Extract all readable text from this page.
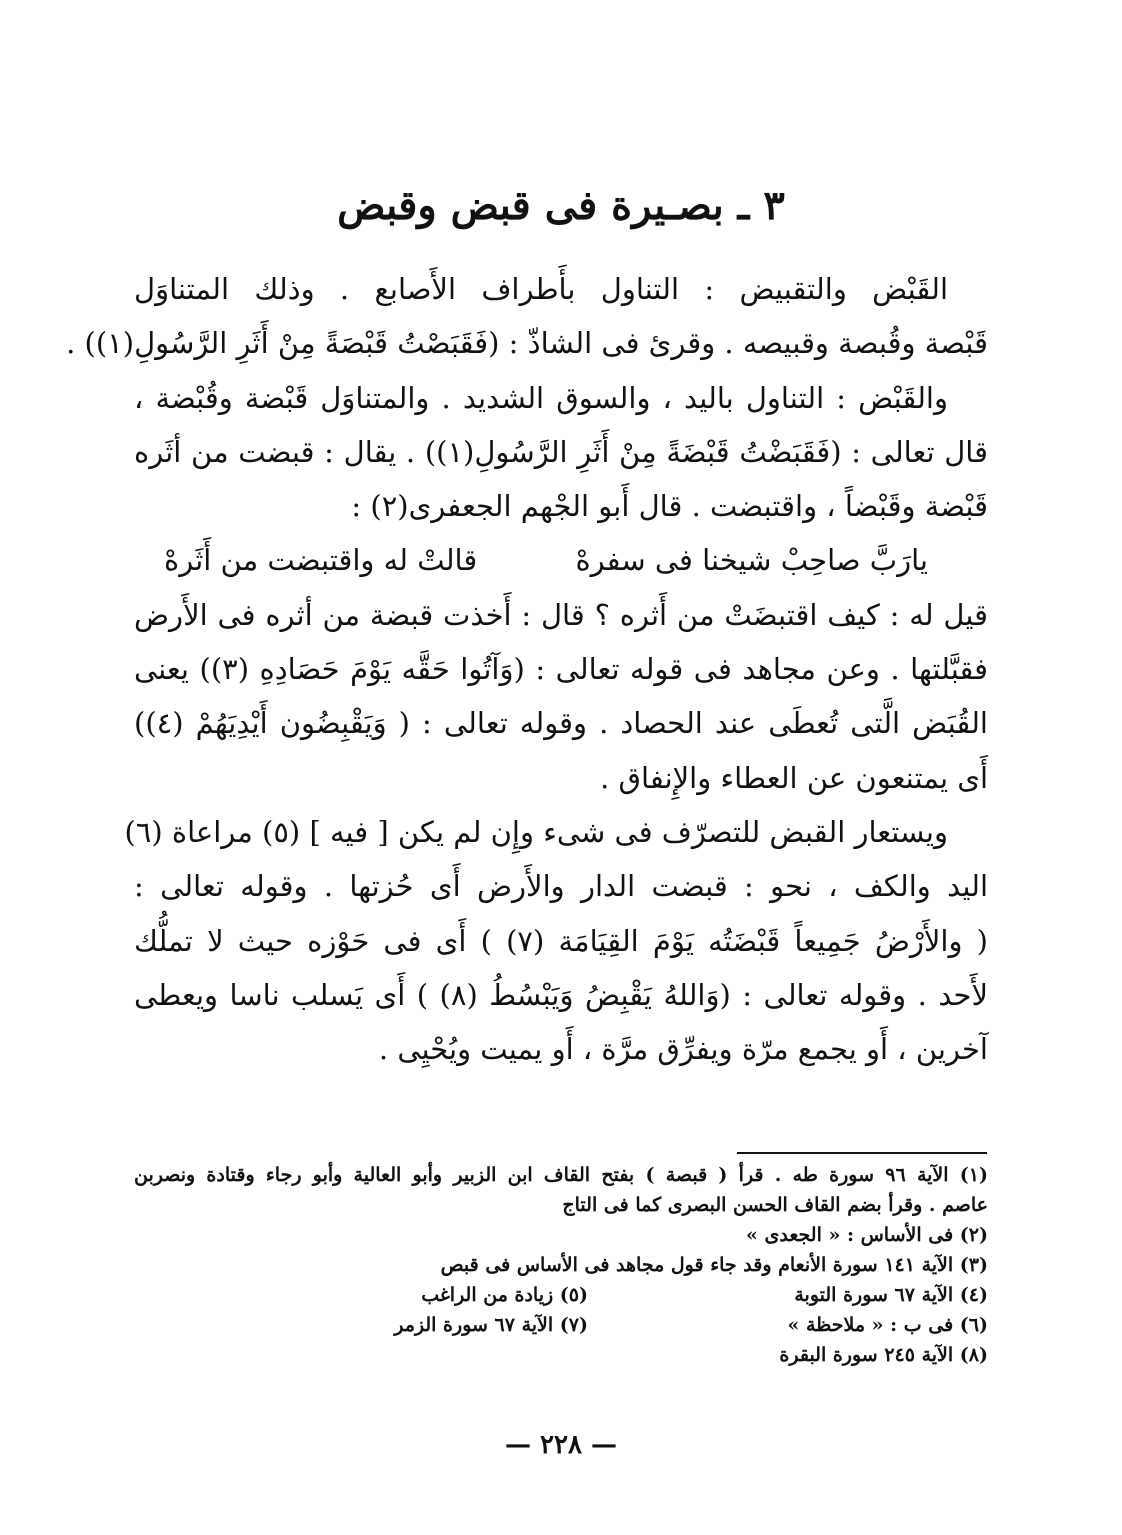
٣ ـ بصـيرة فى قبض وقبض
القَبْض والتقبيض : التناول بأَطراف الأَصابع . وذلك المتناوَل
قَبْصة وقُبصة وقبيصه . وقرئ فى الشاذّ : (فَقَبَصْتُ قَبْصَةً مِنْ أَثَرِ الرَّسُولِ(١)) .
والقَبْض : التناول باليد ، والسوق الشديد . والمتناوَل قَبْضة وقُبْضة ،
قال تعالى : (فَقَبَضْتُ قَبْضَةً مِنْ أَثَرِ الرَّسُولِ(١)) . يقال : قبضت من أثَره
قَبْضة وقَبْضاً ، واقتبضت . قال أَبو الجْهم الجعفرى(٢) :
يارَبَّ صاحِبْ شيخنا فى سفرهْ
قالتْ له واقتبضت من أَثَرهْ
قيل له : كيف اقتبضَتْ من أَثره ؟ قال : أَخذت قبضة من أثره فى الأَرض
فقبَّلتها . وعن مجاهد فى قوله تعالى : (وَآتُوا حَقَّه يَوْمَ حَصَادِهِ (٣)) يعنى
القُبَض الَّتى تُعطَى عند الحصاد . وقوله تعالى : ( وَيَقْبِضُون أَيْدِيَهُمْ (٤))
أَى يمتنعون عن العطاء والإِنفاق .
ويستعار القبض للتصرّف فى شىء وإِن لم يكن [ فيه ] (٥) مراعاة (٦)
اليد والكف ، نحو : قبضت الدار والأَرض أَى حُزتها . وقوله تعالى :
( والأَرْضُ جَمِيعاً قَبْضَتُه يَوْمَ القِيَامَة (٧) ) أَى فى حَوْزه حيث لا تملُّك
لأَحد . وقوله تعالى : (وَاللهُ يَقْبِضُ وَيَبْسُطُ (٨) ) أَى يَسلب ناسا ويعطى
آخرين ، أَو يجمع مرّة ويفرِّق مرَّة ، أَو يميت ويُحْيِى .
(١) الآية ٩٦ سورة طه . قرأ ( قبصة ) بفتح القاف ابن الزبير وأبو العالية وأبو رجاء وقتادة ونصربن
عاصم . وقرأ بضم القاف الحسن البصرى كما فى التاج
(٢) فى الأساس : « الجعدى »
(٣) الآية ١٤١ سورة الأنعام وقد جاء قول مجاهد فى الأساس فى قبص
(٤) الآية ٦٧ سورة التوبة
(٥) زيادة من الراغب
(٦) فى ب : « ملاحظة »
(٧) الآية ٦٧ سورة الزمر
(٨) الآية ٢٤٥ سورة البقرة
— ٢٢٨ —
